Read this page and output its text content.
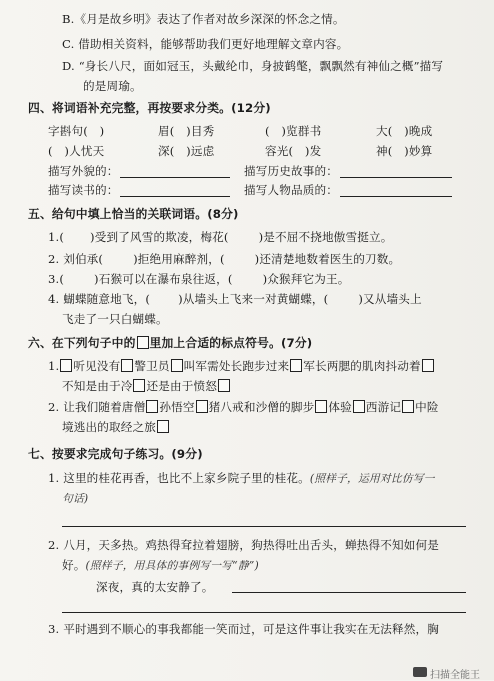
B.《月是故乡明》表达了作者对故乡深深的怀念之情。
C. 借助相关资料，能够帮助我们更好地理解文章内容。
D. “身长八尺，面如冠玉，头戴纶巾，身披鹤氅，飘飘然有神仙之概”描写
的是周瑜。
四、将词语补充完整，再按要求分类。(12分)
字斟句(　)	眉(　)目秀	(　)览群书	大(　)晚成
(　)人忧天	深(　)远虑	容光(　)发	神(　)妙算
描写外貌的：	描写历史故事的：
描写读书的：	描写人物品质的：
五、给句中填上恰当的关联词语。(8分)
1.( )受到了风雪的欺凌，梅花(	)是不屈不挠地傲雪挺立。
2. 刘伯承(	)拒绝用麻醉剂，(	)还清楚地数着医生的刀数。
3.(	)石猴可以在瀑布泉往返，(	)众猴拜它为王。
4. 蝴蝶随意地飞，( )从墙头上飞来一对黄蝴蝶，(	)又从墙头上
飞走了一只白蝴蝶。
六、在下列句子中的 里加上合适的标点符号。(7分)
1. 听见没有 警卫员 叫军需处长跑步过来 军长两腮的肌肉抖动着
不知是由于冷 还是由于愤怒
2. 让我们随着唐僧 孙悟空 猪八戒和沙僧的脚步 体验 西游记 中险
境逃出的取经之旅
七、按要求完成句子练习。(9分)
1. 这里的桂花再香，也比不上家乡院子里的桂花。(照样子，运用对比仿写一
句话)
2. 八月，天多热。鸡热得耷拉着翅膀，狗热得吐出舌头，蝉热得不知如何是
好。(照样子，用具体的事例写一写“静”)
深夜，真的太安静了。
3. 平时遇到不顺心的事我都能一笑而过，可是这件事让我实在无法释然，胸
扫描全能王
